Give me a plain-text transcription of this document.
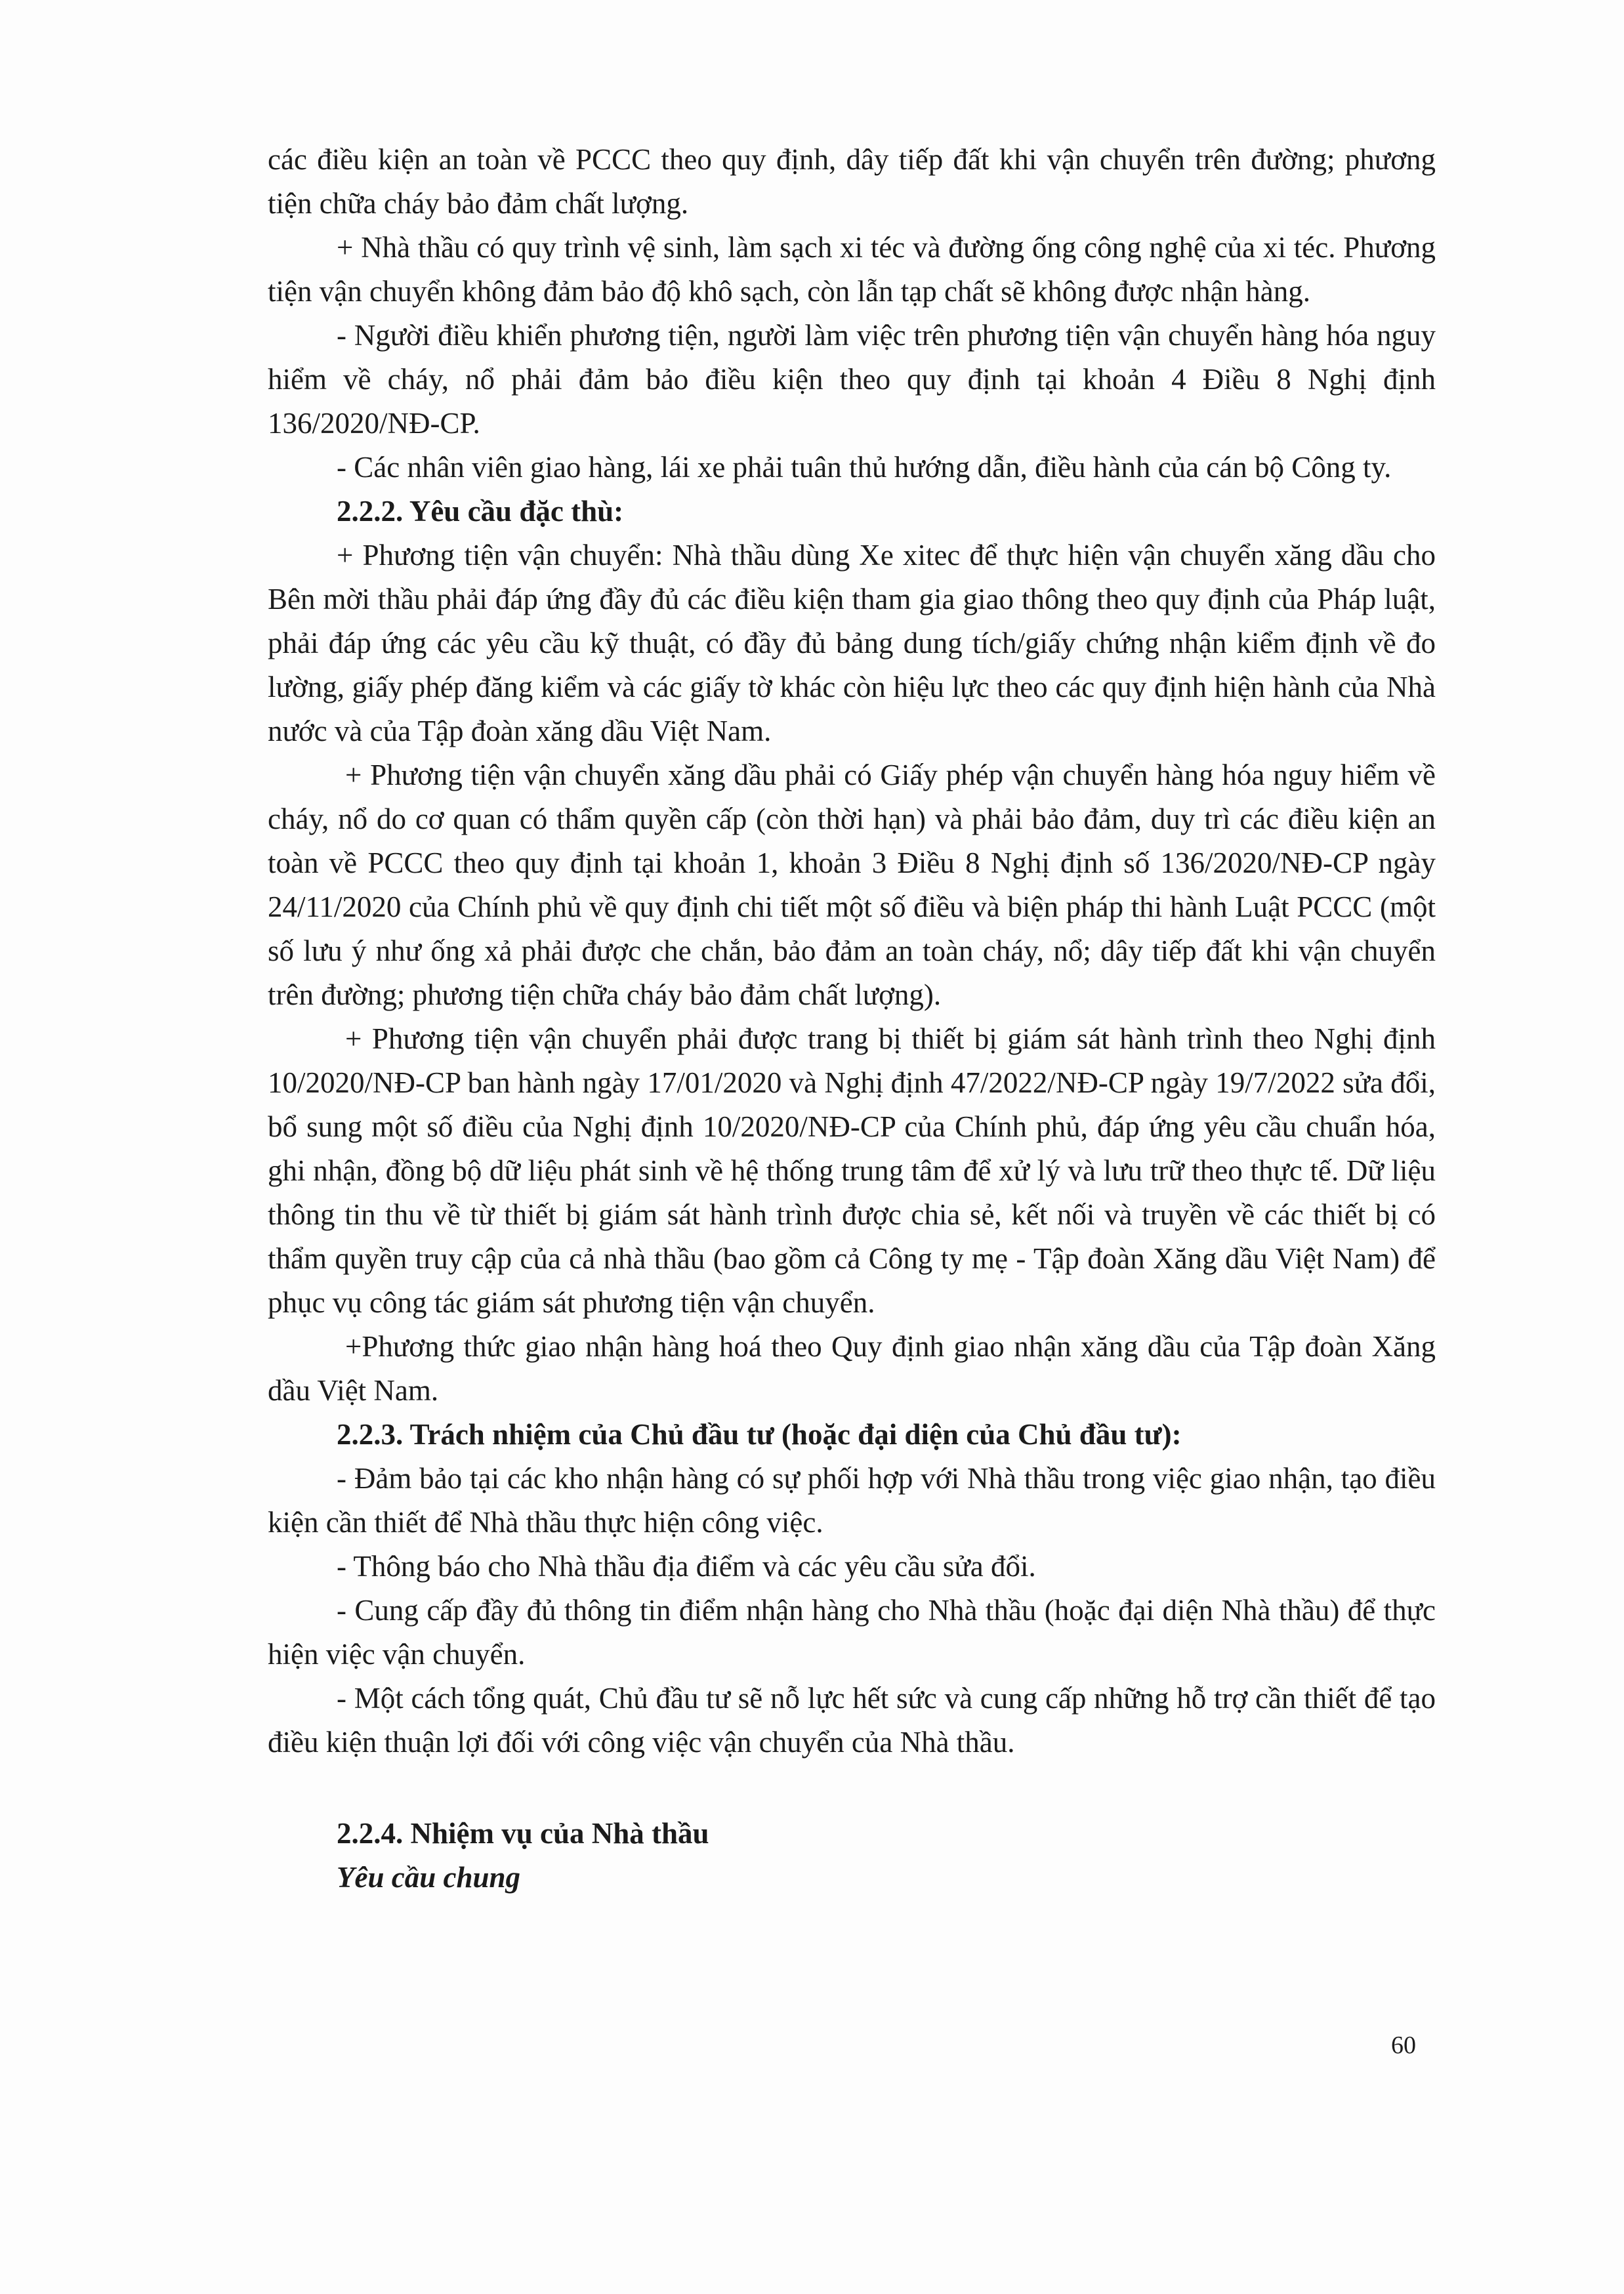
các điều kiện an toàn về PCCC theo quy định, dây tiếp đất khi vận chuyển trên đường; phương tiện chữa cháy bảo đảm chất lượng.

+ Nhà thầu có quy trình vệ sinh, làm sạch xi téc và đường ống công nghệ của xi téc. Phương tiện vận chuyển không đảm bảo độ khô sạch, còn lẫn tạp chất sẽ không được nhận hàng.

- Người điều khiển phương tiện, người làm việc trên phương tiện vận chuyển hàng hóa nguy hiểm về cháy, nổ phải đảm bảo điều kiện theo quy định tại khoản 4 Điều 8 Nghị định 136/2020/NĐ-CP.

- Các nhân viên giao hàng, lái xe phải tuân thủ hướng dẫn, điều hành của cán bộ Công ty.

2.2.2. Yêu cầu đặc thù:

+ Phương tiện vận chuyển: Nhà thầu dùng Xe xitec để thực hiện vận chuyển xăng dầu cho Bên mời thầu phải đáp ứng đầy đủ các điều kiện tham gia giao thông theo quy định của Pháp luật, phải đáp ứng các yêu cầu kỹ thuật, có đầy đủ bảng dung tích/giấy chứng nhận kiểm định về đo lường, giấy phép đăng kiểm và các giấy tờ khác còn hiệu lực theo các quy định hiện hành của Nhà nước và của Tập đoàn xăng dầu Việt Nam.

+ Phương tiện vận chuyển xăng dầu phải có Giấy phép vận chuyển hàng hóa nguy hiểm về cháy, nổ do cơ quan có thẩm quyền cấp (còn thời hạn) và phải bảo đảm, duy trì các điều kiện an toàn về PCCC theo quy định tại khoản 1, khoản 3 Điều 8 Nghị định số 136/2020/NĐ-CP ngày 24/11/2020 của Chính phủ về quy định chi tiết một số điều và biện pháp thi hành Luật PCCC (một số lưu ý như ống xả phải được che chắn, bảo đảm an toàn cháy, nổ; dây tiếp đất khi vận chuyển trên đường; phương tiện chữa cháy bảo đảm chất lượng).

+ Phương tiện vận chuyển phải được trang bị thiết bị giám sát hành trình theo Nghị định 10/2020/NĐ-CP ban hành ngày 17/01/2020 và Nghị định 47/2022/NĐ-CP ngày 19/7/2022 sửa đổi, bổ sung một số điều của Nghị định 10/2020/NĐ-CP của Chính phủ, đáp ứng yêu cầu chuẩn hóa, ghi nhận, đồng bộ dữ liệu phát sinh về hệ thống trung tâm để xử lý và lưu trữ theo thực tế. Dữ liệu thông tin thu về từ thiết bị giám sát hành trình được chia sẻ, kết nối và truyền về các thiết bị có thẩm quyền truy cập của cả nhà thầu (bao gồm cả Công ty mẹ - Tập đoàn Xăng dầu Việt Nam) để phục vụ công tác giám sát phương tiện vận chuyển.

+Phương thức giao nhận hàng hoá theo Quy định giao nhận xăng dầu của Tập đoàn Xăng dầu Việt Nam.

2.2.3. Trách nhiệm của Chủ đầu tư (hoặc đại diện của Chủ đầu tư):

- Đảm bảo tại các kho nhận hàng có sự phối hợp với Nhà thầu trong việc giao nhận, tạo điều kiện cần thiết để Nhà thầu thực hiện công việc.

- Thông báo cho Nhà thầu địa điểm và các yêu cầu sửa đổi.

- Cung cấp đầy đủ thông tin điểm nhận hàng cho Nhà thầu (hoặc đại diện Nhà thầu) để thực hiện việc vận chuyển.

- Một cách tổng quát, Chủ đầu tư sẽ nỗ lực hết sức và cung cấp những hỗ trợ cần thiết để tạo điều kiện thuận lợi đối với công việc vận chuyển của Nhà thầu.

2.2.4. Nhiệm vụ của Nhà thầu

Yêu cầu chung

60
